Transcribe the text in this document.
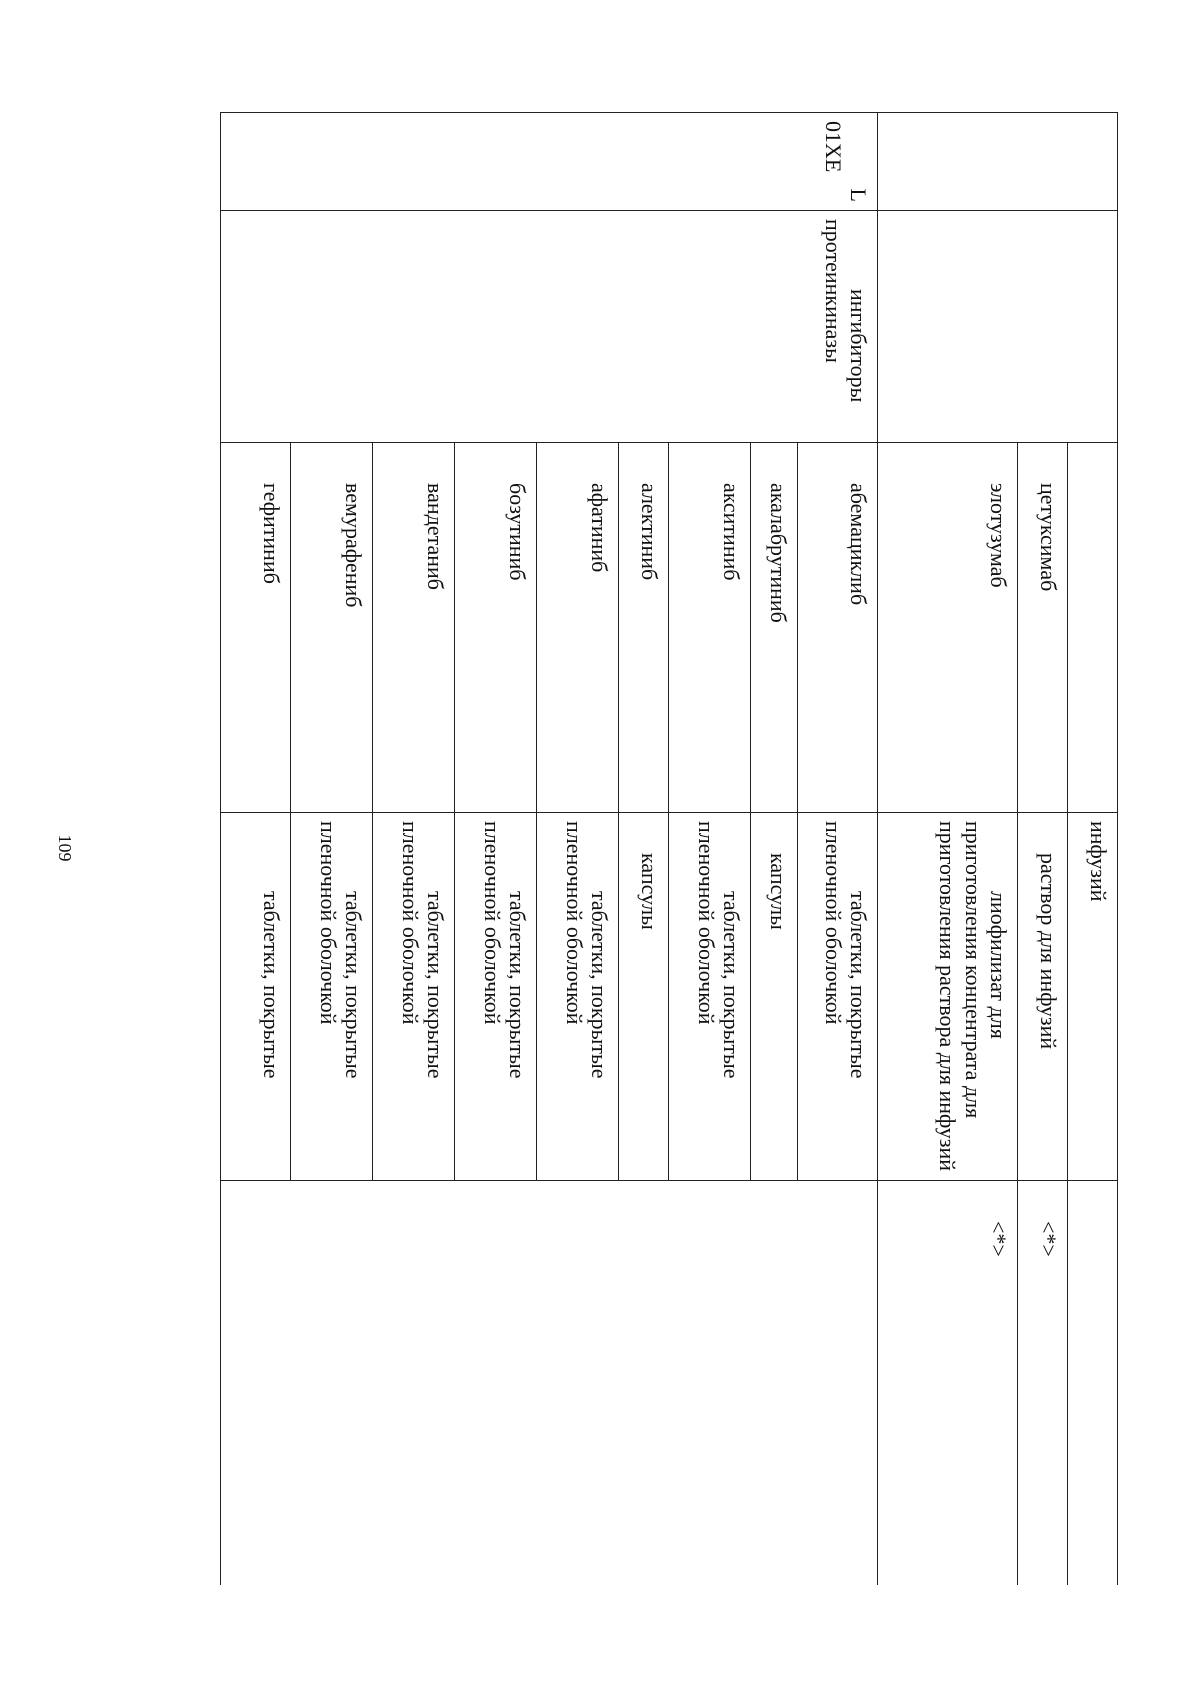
109
				инфузий	
		цетуксимаб	раствор для инфузий	<*>
		элотузумаб	лиофилизат для приготовления концентрата для приготовления раствора для инфузий	<*>

L
01XE	ингибиторы протеинкиназы	абемациклиб	таблетки, покрытые пленочной оболочкой	

		акалабрутиниб	капсулы	
		акситиниб	таблетки, покрытые пленочной оболочкой	

		алектиниб	капсулы	
		афатиниб	таблетки, покрытые пленочной оболочкой	

		бозутиниб	таблетки, покрытые пленочной оболочкой	

		вандетаниб	таблетки, покрытые пленочной оболочкой	

		вемурафениб	таблетки, покрытые пленочной оболочкой	

		гефитиниб	таблетки, покрытые	
